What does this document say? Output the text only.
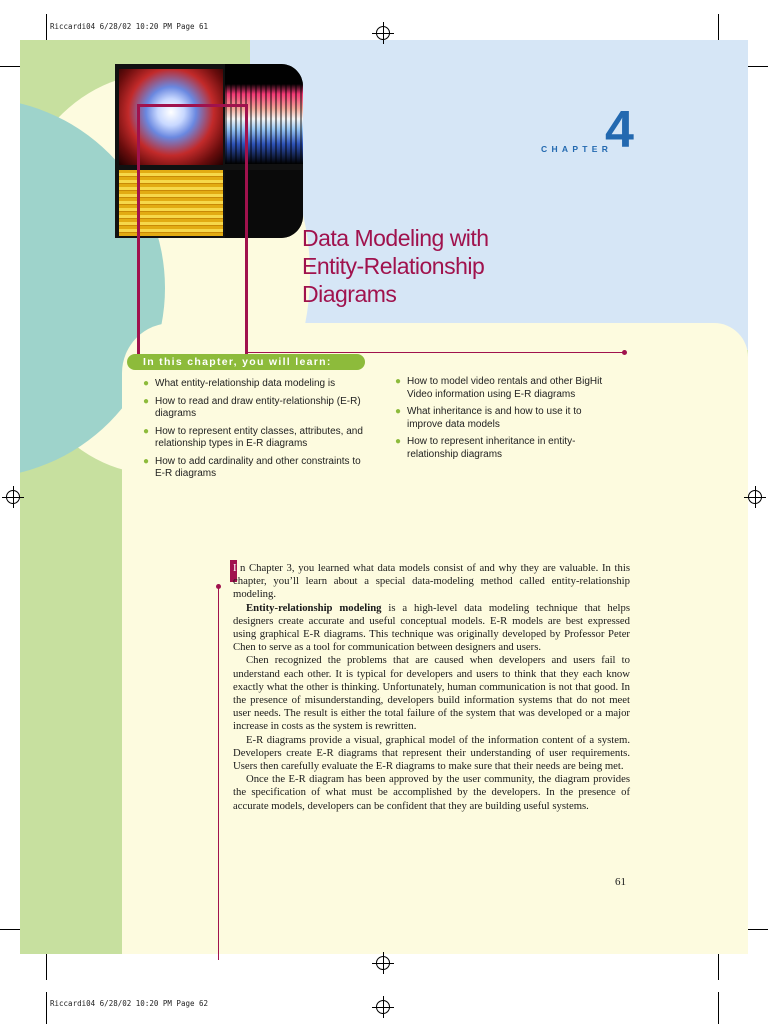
Riccardi04 6/28/02 10:20 PM Page 61
Riccardi04 6/28/02 10:20 PM Page 62
CHAPTER
4
Data Modeling with
Entity-Relationship
Diagrams
In this chapter, you will learn:
● What entity-relationship data modeling is
● How to read and draw entity-relationship (E-R) diagrams
● How to represent entity classes, attributes, and relationship types in E-R diagrams
● How to add cardinality and other constraints to E-R diagrams
● How to model video rentals and other BigHit Video information using E-R diagrams
● What inheritance is and how to use it to improve data models
● How to represent inheritance in entity-relationship diagrams

I n Chapter 3, you learned what data models consist of and why they are valuable. In this chapter, you’ll learn about a special data-modeling method called entity-relationship modeling.

Entity-relationship modeling is a high-level data modeling technique that helps designers create accurate and useful conceptual models. E-R models are best expressed using graphical E-R diagrams. This technique was originally developed by Professor Peter Chen to serve as a tool for communication between designers and users.

Chen recognized the problems that are caused when developers and users fail to understand each other. It is typical for developers and users to think that they each know exactly what the other is thinking. Unfortunately, human communication is not that good. In the presence of misunderstanding, developers build information systems that do not meet user needs. The result is either the total failure of the system that was developed or a major increase in costs as the system is rewritten.

E-R diagrams provide a visual, graphical model of the information content of a system. Developers create E-R diagrams that represent their understanding of user requirements. Users then carefully evaluate the E-R diagrams to make sure that their needs are being met.

Once the E-R diagram has been approved by the user community, the diagram provides the specification of what must be accomplished by the developers. In the presence of accurate models, developers can be confident that they are building useful systems.

61
